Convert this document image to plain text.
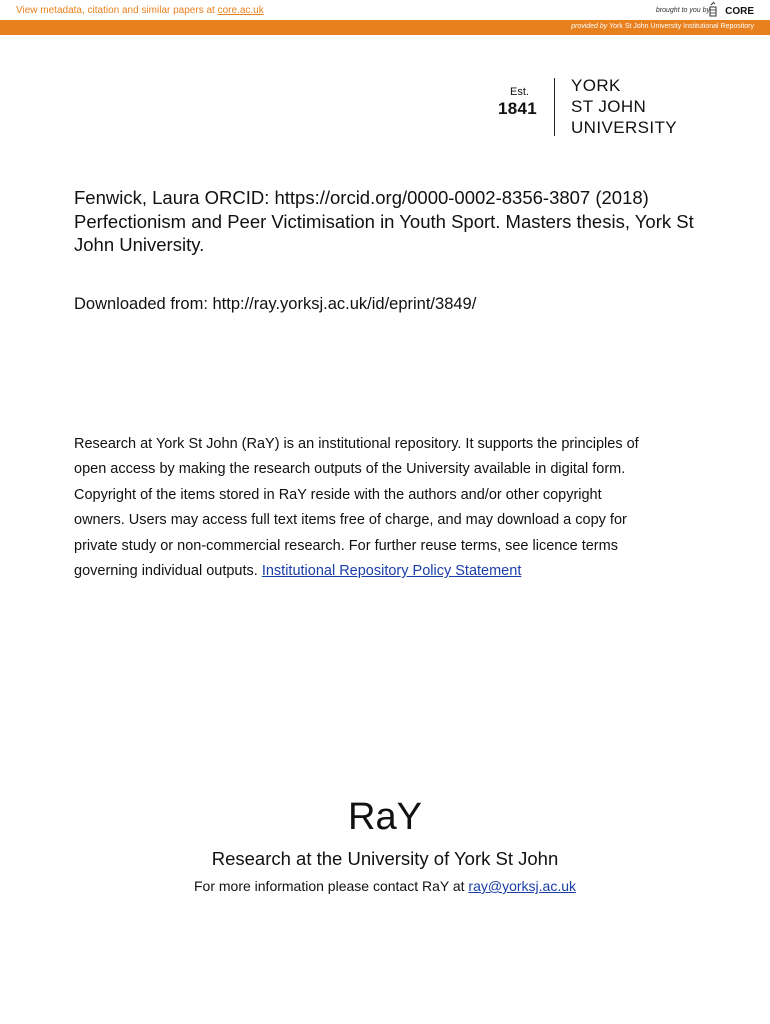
View metadata, citation and similar papers at core.ac.uk	brought to you by CORE
provided by York St John University Institutional Repository
Est.
1841
YORK
ST JOHN
UNIVERSITY
Fenwick, Laura ORCID: https://orcid.org/0000-0002-8356-3807 (2018) Perfectionism and Peer Victimisation in Youth Sport. Masters thesis, York St John University.
Downloaded from: http://ray.yorksj.ac.uk/id/eprint/3849/
Research at York St John (RaY) is an institutional repository. It supports the principles of
open access by making the research outputs of the University available in digital form.
Copyright of the items stored in RaY reside with the authors and/or other copyright
owners. Users may access full text items free of charge, and may download a copy for
private study or non-commercial research. For further reuse terms, see licence terms
governing individual outputs. Institutional Repository Policy Statement
RaY
Research at the University of York St John
For more information please contact RaY at ray@yorksj.ac.uk
